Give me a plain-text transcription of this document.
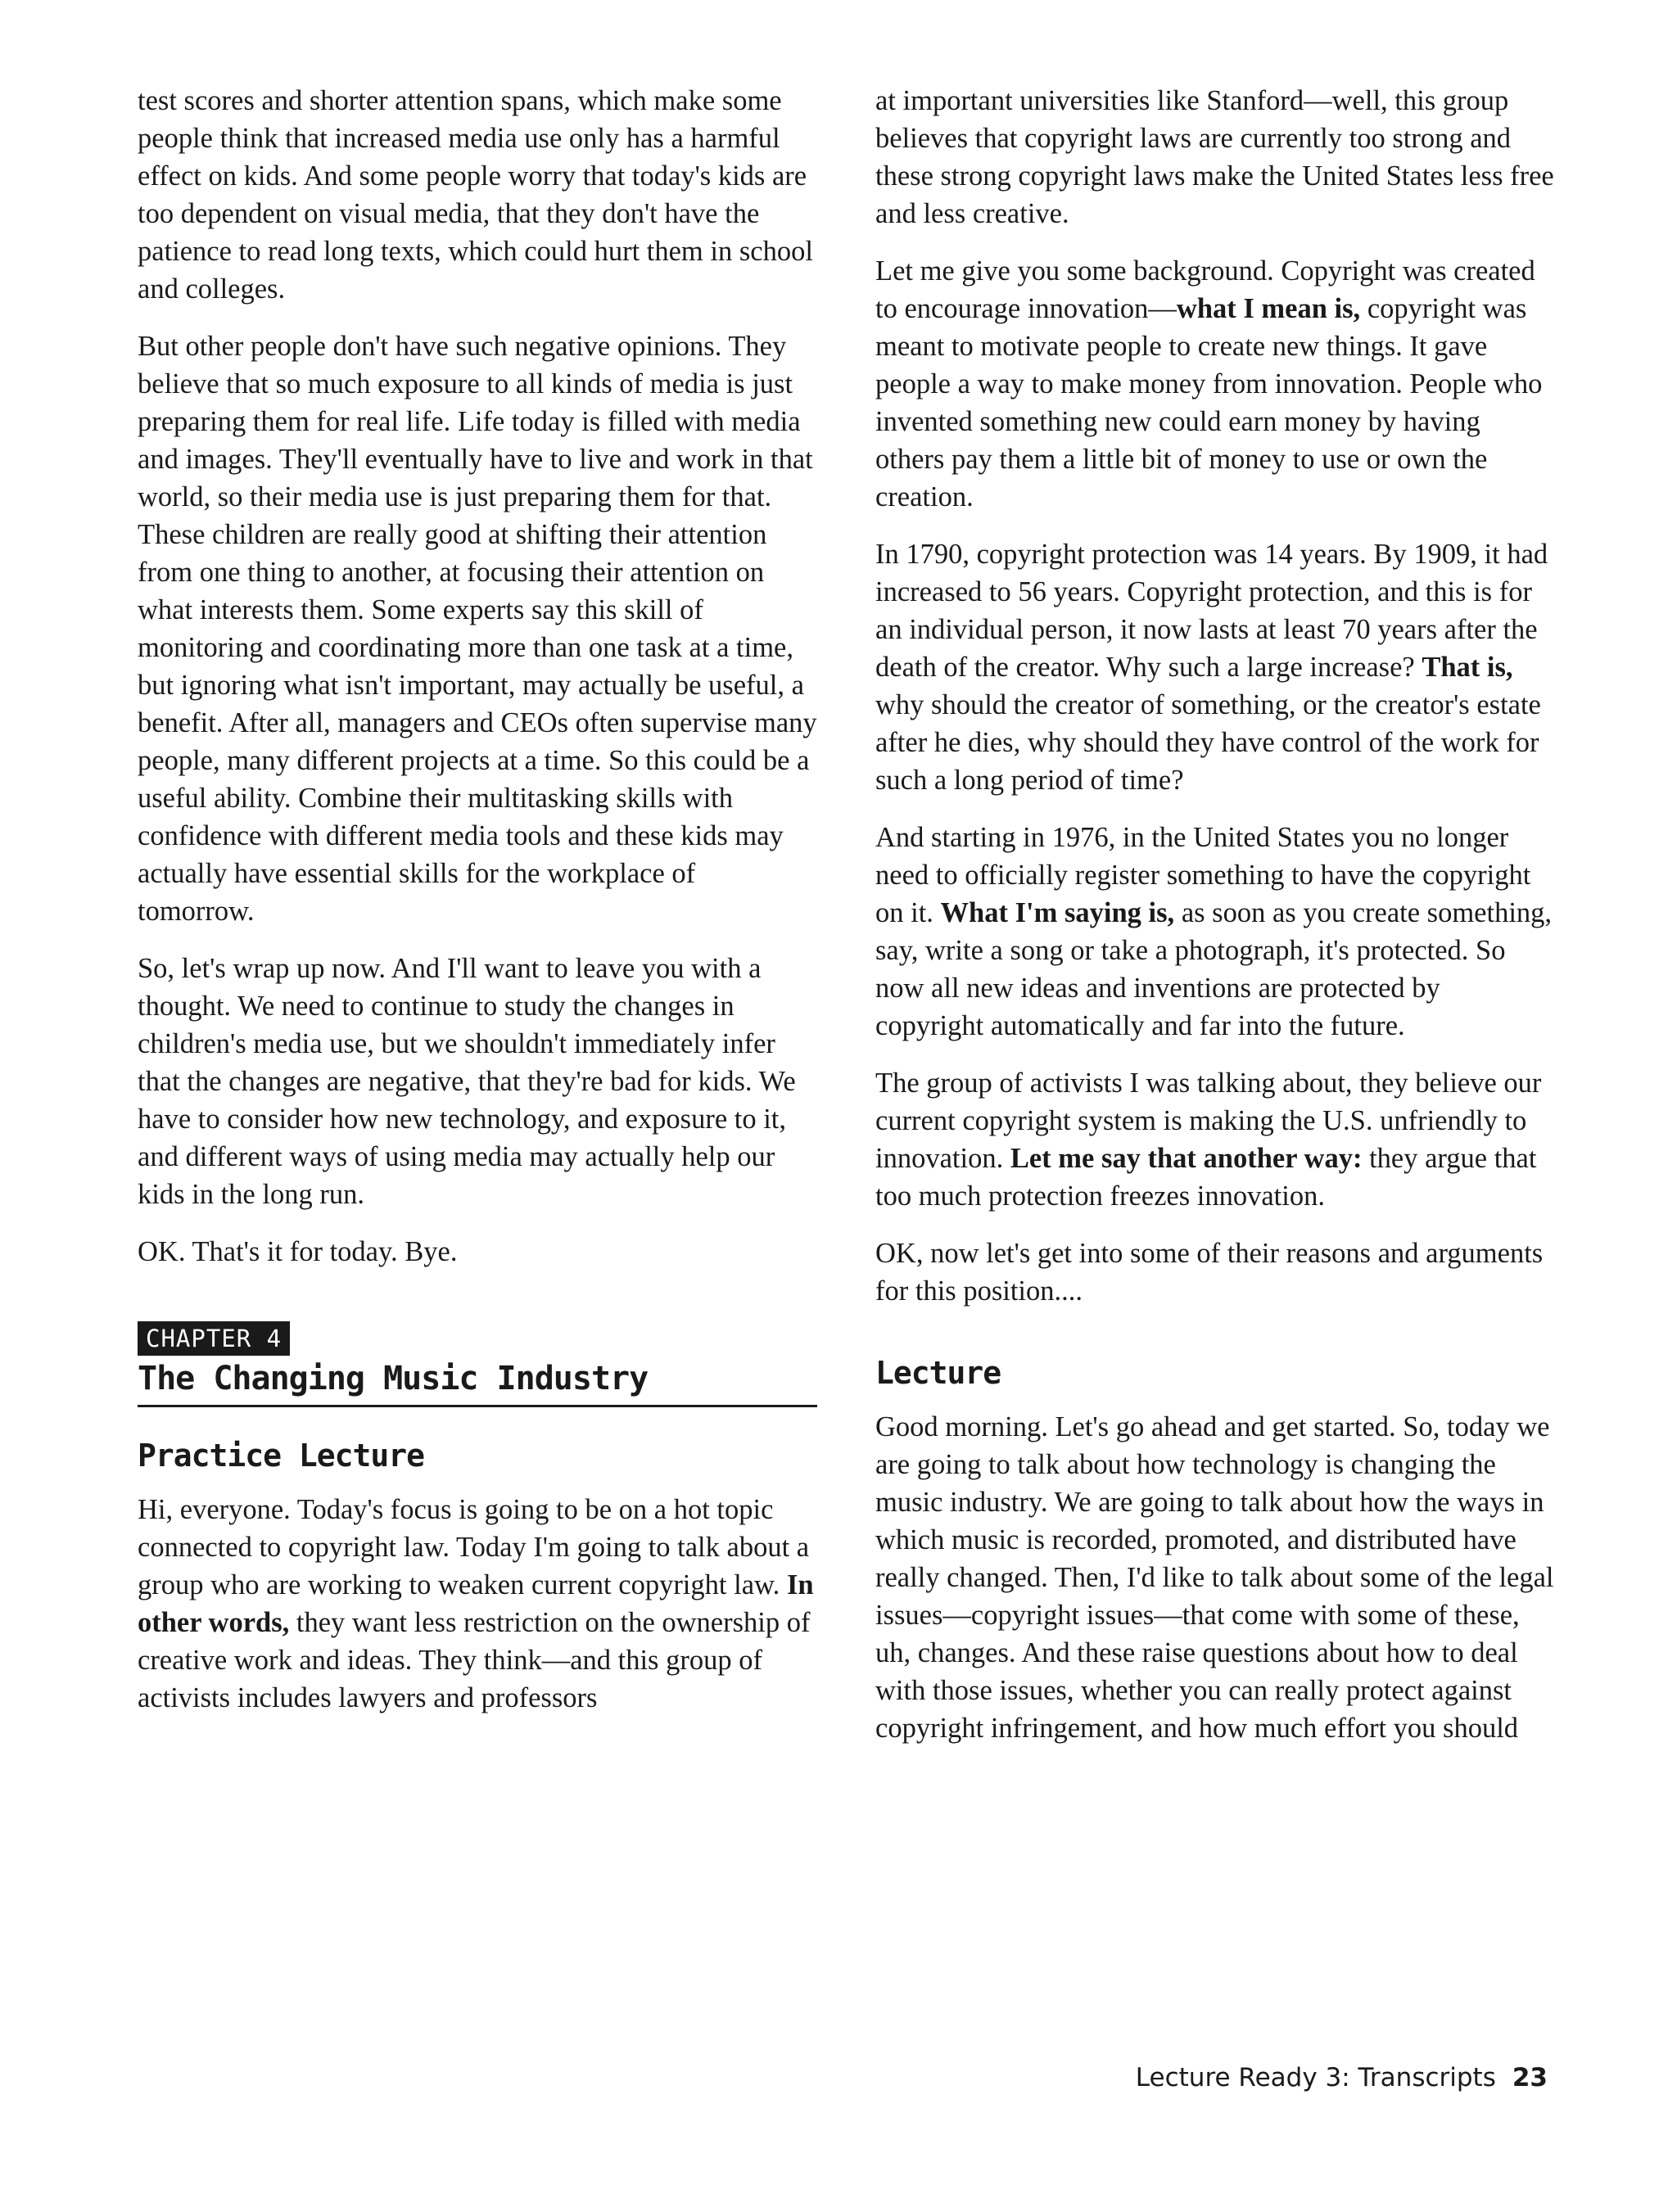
test scores and shorter attention spans, which make some people think that increased media use only has a harmful effect on kids. And some people worry that today's kids are too dependent on visual media, that they don't have the patience to read long texts, which could hurt them in school and colleges.

But other people don't have such negative opinions. They believe that so much exposure to all kinds of media is just preparing them for real life. Life today is filled with media and images. They'll eventually have to live and work in that world, so their media use is just preparing them for that. These children are really good at shifting their attention from one thing to another, at focusing their attention on what interests them. Some experts say this skill of monitoring and coordinating more than one task at a time, but ignoring what isn't important, may actually be useful, a benefit. After all, managers and CEOs often supervise many people, many different projects at a time. So this could be a useful ability. Combine their multitasking skills with confidence with different media tools and these kids may actually have essential skills for the workplace of tomorrow.

So, let's wrap up now. And I'll want to leave you with a thought. We need to continue to study the changes in children's media use, but we shouldn't immediately infer that the changes are negative, that they're bad for kids. We have to consider how new technology, and exposure to it, and different ways of using media may actually help our kids in the long run.

OK. That's it for today. Bye.

CHAPTER 4
The Changing Music Industry
Practice Lecture

Hi, everyone. Today's focus is going to be on a hot topic connected to copyright law. Today I'm going to talk about a group who are working to weaken current copyright law. In other words, they want less restriction on the ownership of creative work and ideas. They think—and this group of activists includes lawyers and professors

at important universities like Stanford—well, this group believes that copyright laws are currently too strong and these strong copyright laws make the United States less free and less creative.

Let me give you some background. Copyright was created to encourage innovation—what I mean is, copyright was meant to motivate people to create new things. It gave people a way to make money from innovation. People who invented something new could earn money by having others pay them a little bit of money to use or own the creation.

In 1790, copyright protection was 14 years. By 1909, it had increased to 56 years. Copyright protection, and this is for an individual person, it now lasts at least 70 years after the death of the creator. Why such a large increase? That is, why should the creator of something, or the creator's estate after he dies, why should they have control of the work for such a long period of time?

And starting in 1976, in the United States you no longer need to officially register something to have the copyright on it. What I'm saying is, as soon as you create something, say, write a song or take a photograph, it's protected. So now all new ideas and inventions are protected by copyright automatically and far into the future.

The group of activists I was talking about, they believe our current copyright system is making the U.S. unfriendly to innovation. Let me say that another way: they argue that too much protection freezes innovation.

OK, now let's get into some of their reasons and arguments for this position....

Lecture

Good morning. Let's go ahead and get started. So, today we are going to talk about how technology is changing the music industry. We are going to talk about how the ways in which music is recorded, promoted, and distributed have really changed. Then, I'd like to talk about some of the legal issues—copyright issues—that come with some of these, uh, changes. And these raise questions about how to deal with those issues, whether you can really protect against copyright infringement, and how much effort you should

Lecture Ready 3: Transcripts 23
